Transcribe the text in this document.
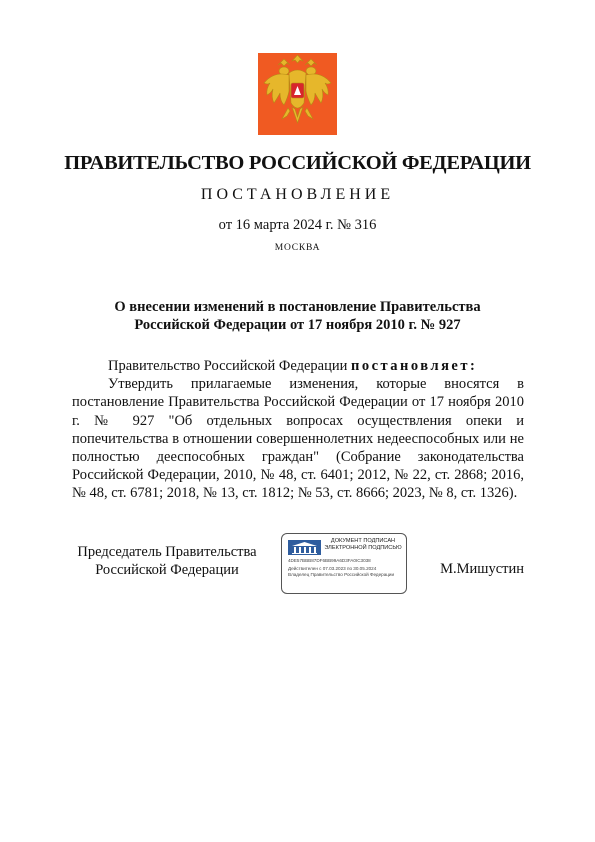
ПРАВИТЕЛЬСТВО РОССИЙСКОЙ ФЕДЕРАЦИИ
ПОСТАНОВЛЕНИЕ
от 16 марта 2024 г. № 316
МОСКВА
О внесении изменений в постановление Правительства
Российской Федерации от 17 ноября 2010 г. № 927

Правительство Российской Федерации постановляет:

Утвердить прилагаемые изменения, которые вносятся в постановление Правительства Российской Федерации от 17 ноября 2010 г. № 927 "Об отдельных вопросах осуществления опеки и попечительства в отношении совершеннолетних недееспособных или не полностью дееспособных граждан" (Собрание законодательства Российской Федерации, 2010, № 48, ст. 6401; 2012, № 22, ст. 2868; 2016, № 48, ст. 6781; 2018, № 13, ст. 1812; № 53, ст. 8666; 2023, № 8, ст. 1326).

Председатель Правительства
Российской Федерации
ДОКУМЕНТ ПОДПИСАН
ЭЛЕКТРОННОЙ ПОДПИСЬЮ
4DE57BBB87DF6BB99A6D3FA0IC3038
Действителен с 07.03.2023 по 30.05.2024
Владелец Правительство Российской Федерации	М.Мишустин
